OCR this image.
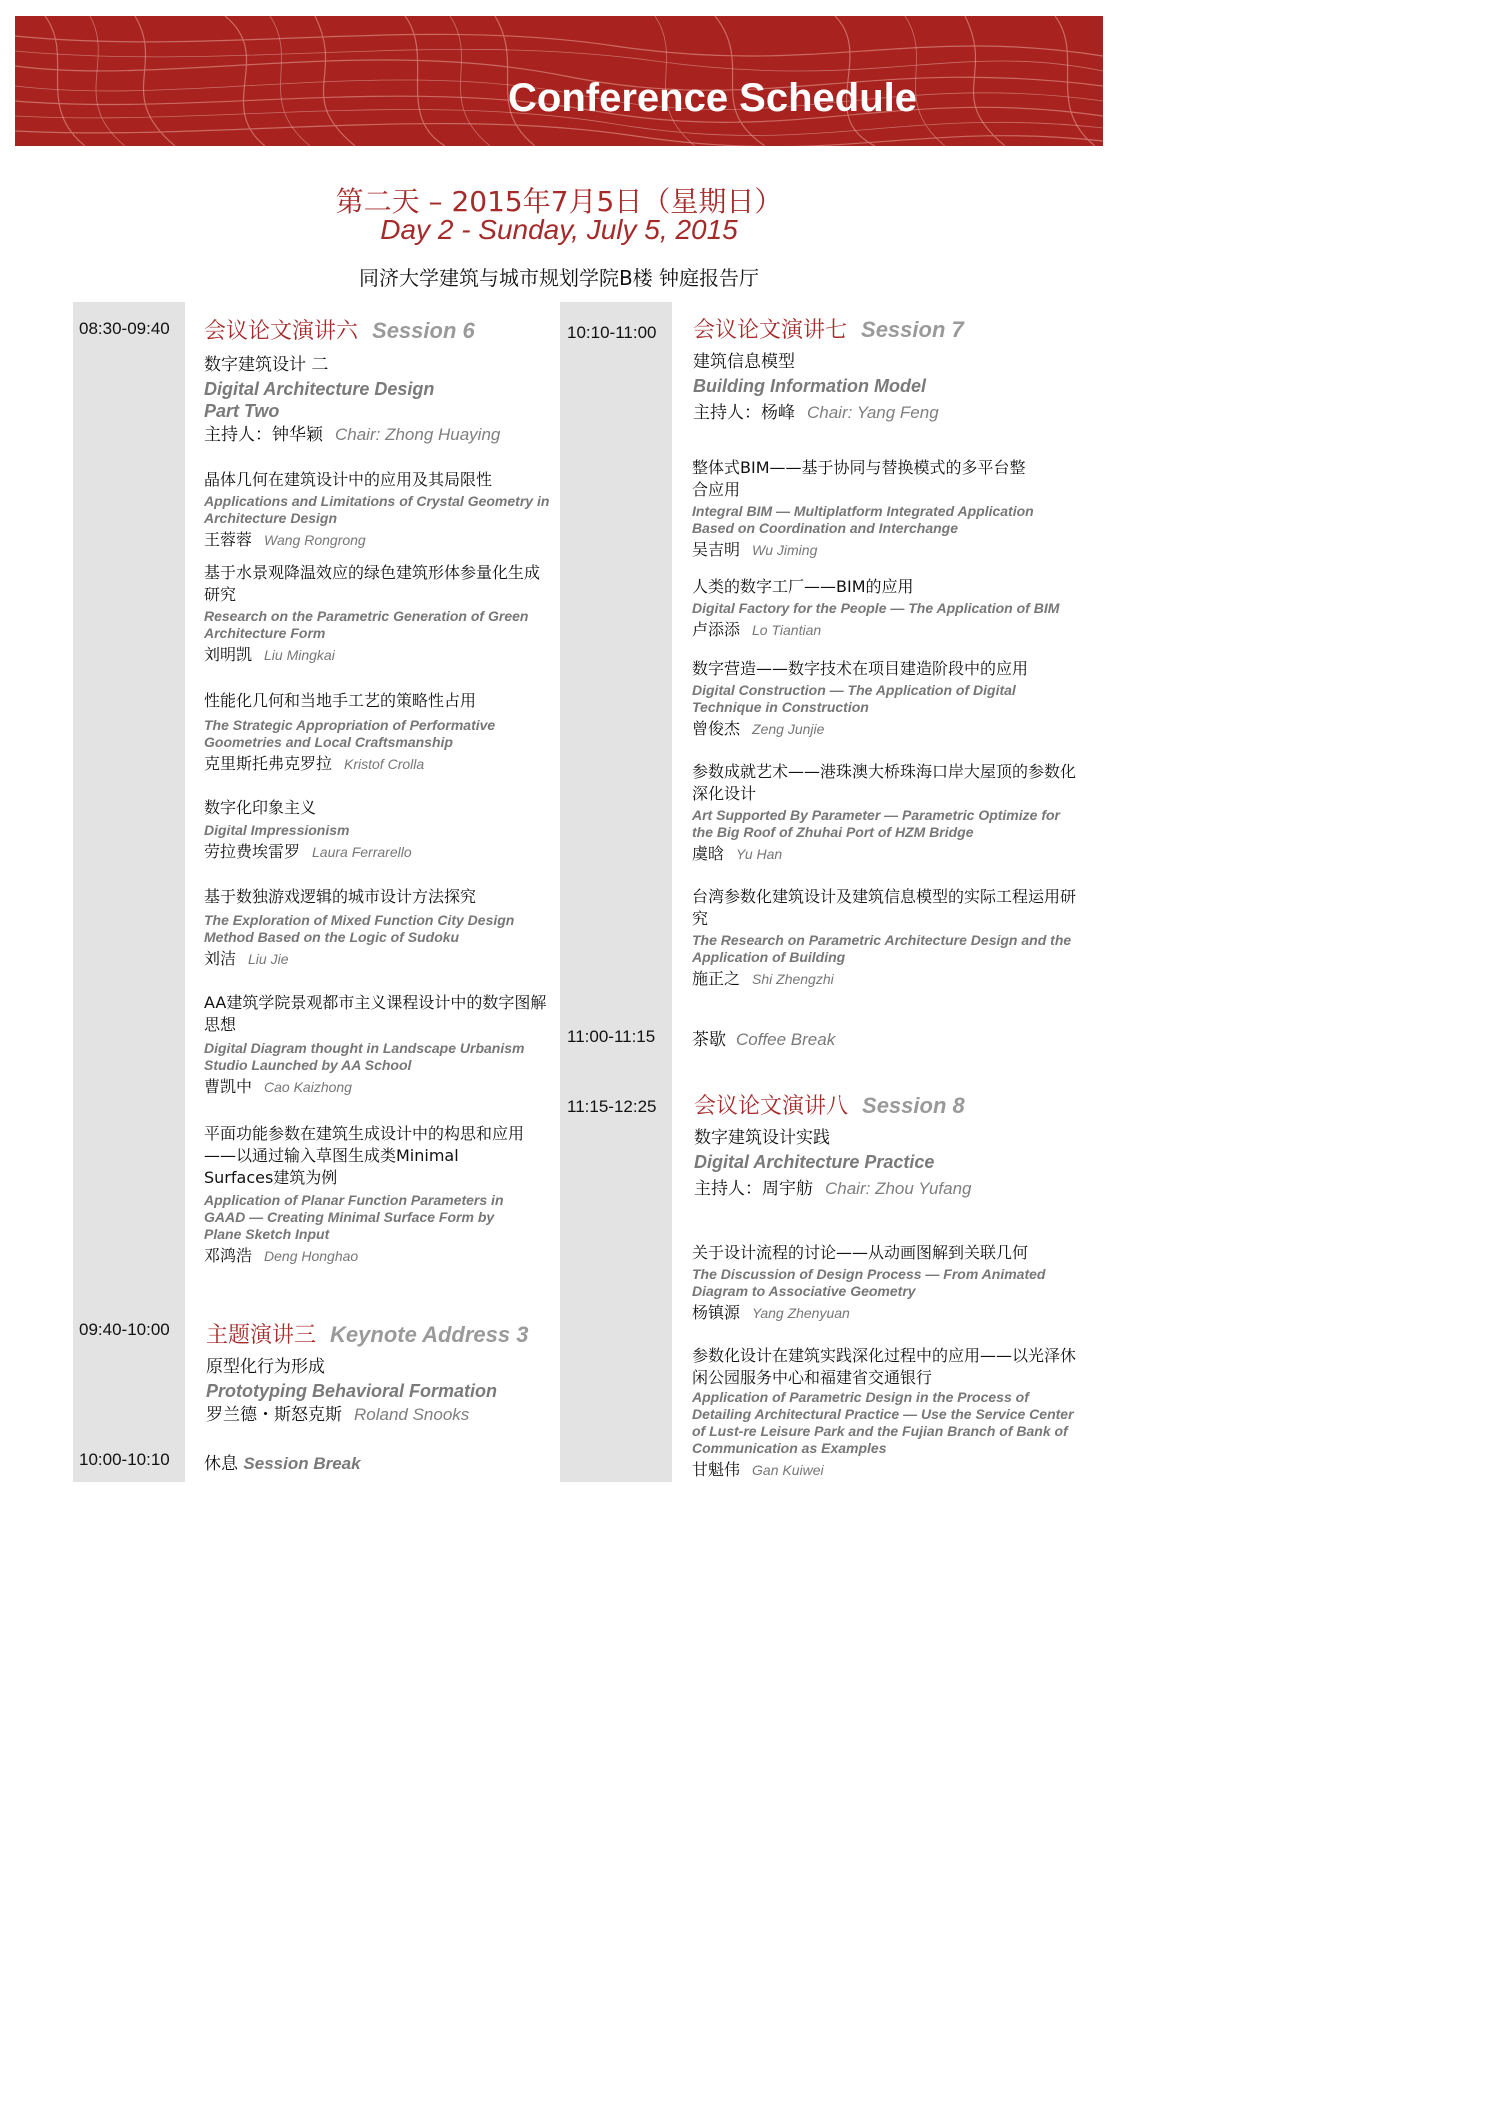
Conference Schedule
第二天 – 2015年7月5日（星期日）
Day 2 - Sunday, July 5, 2015
同济大学建筑与城市规划学院B楼 钟庭报告厅
08:30-09:40 会议论文演讲六 Session 6
数字建筑设计 二
Digital Architecture Design Part Two
主持人：钟华颖 Chair: Zhong Huaying
晶体几何在建筑设计中的应用及其局限性
Applications and Limitations of Crystal Geometry in Architecture Design
王蓉蓉 Wang Rongrong
基于水景观降温效应的绿色建筑形体参量化生成研究
Research on the Parametric Generation of Green Architecture Form
刘明凯 Liu Mingkai
性能化几何和当地手工艺的策略性占用
The Strategic Appropriation of Performative Goometries and Local Craftsmanship
克里斯托弗克罗拉 Kristof Crolla
数字化印象主义
Digital Impressionism
劳拉费埃雷罗 Laura Ferrarello
基于数独游戏逻辑的城市设计方法探究
The Exploration of Mixed Function City Design Method Based on the Logic of Sudoku
刘洁 Liu Jie
AA建筑学院景观都市主义课程设计中的数字图解思想
Digital Diagram thought in Landscape Urbanism Studio Launched by AA School
曹凯中 Cao Kaizhong
平面功能参数在建筑生成设计中的构思和应用——以通过输入草图生成类Minimal Surfaces建筑为例
Application of Planar Function Parameters in GAAD — Creating Minimal Surface Form by Plane Sketch Input
邓鸿浩 Deng Honghao
09:40-10:00 主题演讲三 Keynote Address 3
原型化行为形成
Prototyping Behavioral Formation
罗兰德・斯怒克斯 Roland Snooks
10:00-10:10 休息 Session Break
10:10-11:00 会议论文演讲七 Session 7
建筑信息模型
Building Information Model
主持人：杨峰 Chair: Yang Feng
整体式BIM——基于协同与替换模式的多平台整合应用
Integral BIM — Multiplatform Integrated Application Based on Coordination and Interchange
吴吉明 Wu Jiming
人类的数字工厂——BIM的应用
Digital Factory for the People — The Application of BIM
卢添添 Lo Tiantian
数字营造——数字技术在项目建造阶段中的应用
Digital Construction — The Application of Digital Technique in Construction
曾俊杰 Zeng Junjie
参数成就艺术——港珠澳大桥珠海口岸大屋顶的参数化深化设计
Art Supported By Parameter — Parametric Optimize for the Big Roof of Zhuhai Port of HZM Bridge
虞晗 Yu Han
台湾参数化建筑设计及建筑信息模型的实际工程运用研究
The Research on Parametric Architecture Design and the Application of Building
施正之 Shi Zhengzhi
11:00-11:15 茶歇 Coffee Break
11:15-12:25 会议论文演讲八 Session 8
数字建筑设计实践
Digital Architecture Practice
主持人：周宇舫 Chair: Zhou Yufang
关于设计流程的讨论——从动画图解到关联几何
The Discussion of Design Process — From Animated Diagram to Associative Geometry
杨镇源 Yang Zhenyuan
参数化设计在建筑实践深化过程中的应用——以光泽休闲公园服务中心和福建省交通银行
Application of Parametric Design in the Process of Detailing Architectural Practice — Use the Service Center of Lust-re Leisure Park and the Fujian Branch of Bank of Communication as Examples
甘魁伟 Gan Kuiwei
